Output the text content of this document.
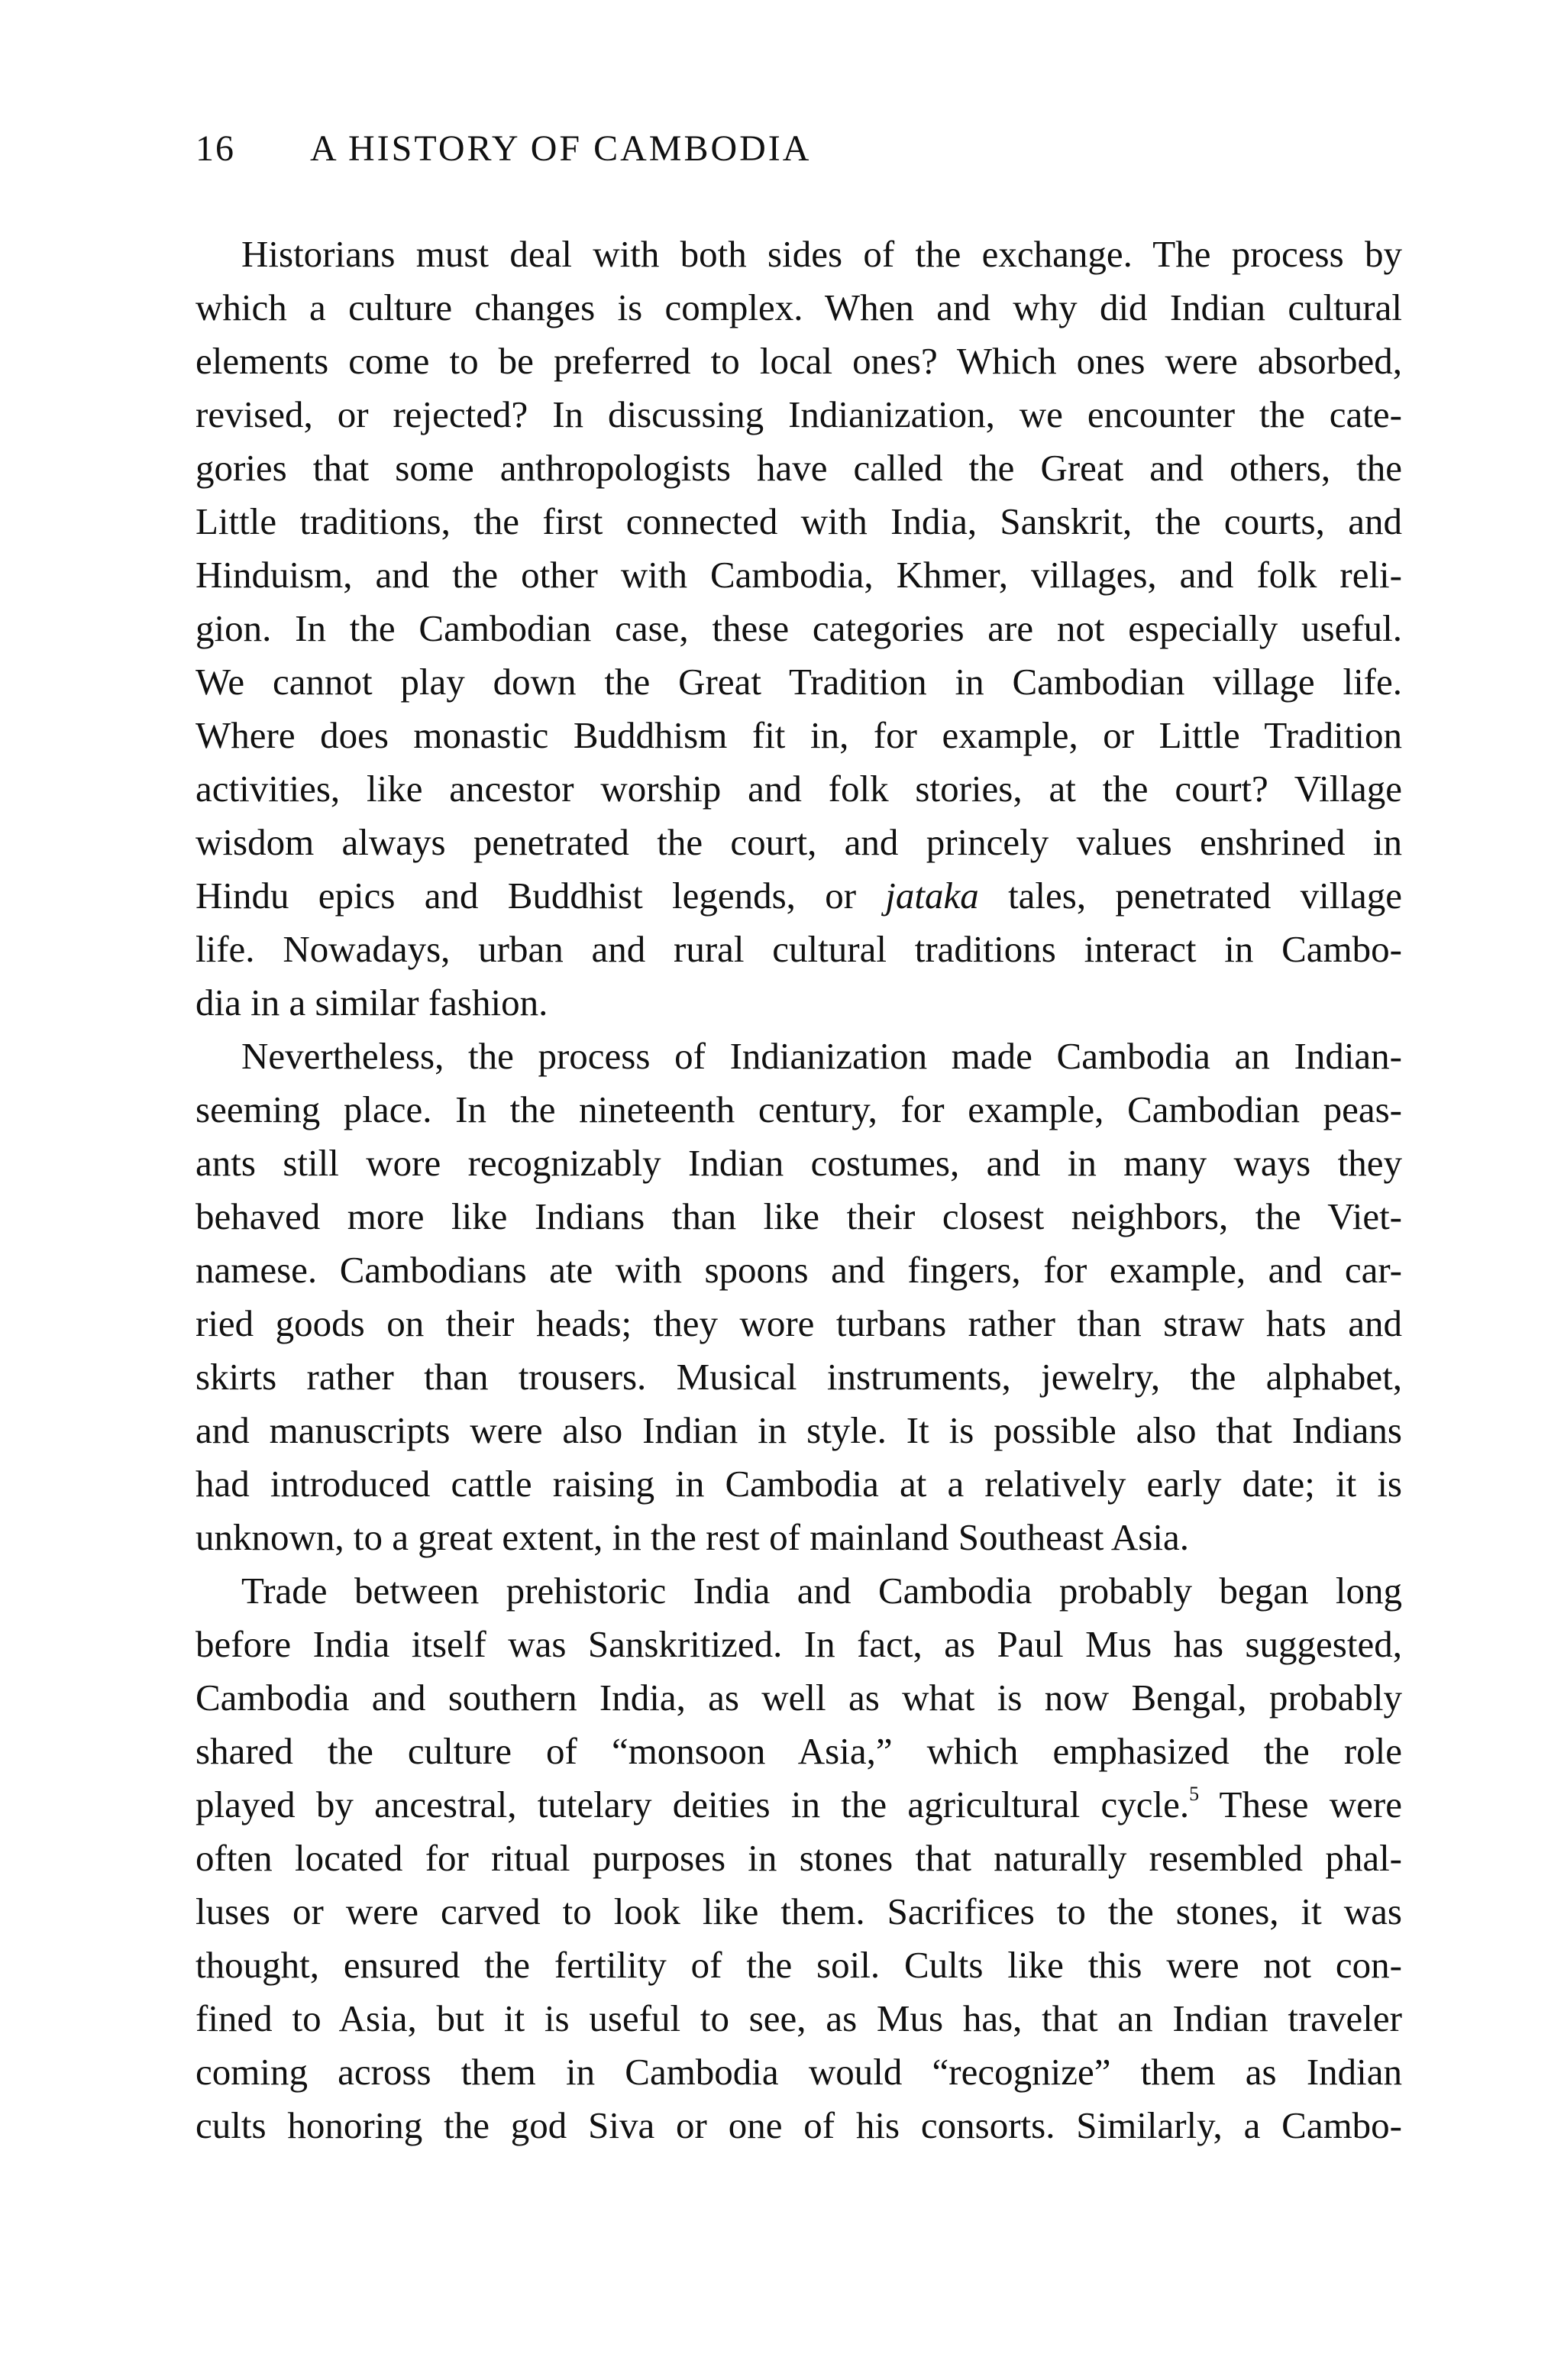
16 A HISTORY OF CAMBODIA

Historians must deal with both sides of the exchange. The process by
which a culture changes is complex. When and why did Indian cultural
elements come to be preferred to local ones? Which ones were absorbed,
revised, or rejected? In discussing Indianization, we encounter the cate-
gories that some anthropologists have called the Great and others, the
Little traditions, the first connected with India, Sanskrit, the courts, and
Hinduism, and the other with Cambodia, Khmer, villages, and folk reli-
gion. In the Cambodian case, these categories are not especially useful.
We cannot play down the Great Tradition in Cambodian village life.
Where does monastic Buddhism fit in, for example, or Little Tradition
activities, like ancestor worship and folk stories, at the court? Village
wisdom always penetrated the court, and princely values enshrined in
Hindu epics and Buddhist legends, or jataka tales, penetrated village
life. Nowadays, urban and rural cultural traditions interact in Cambo-
dia in a similar fashion.

Nevertheless, the process of Indianization made Cambodia an Indian-
seeming place. In the nineteenth century, for example, Cambodian peas-
ants still wore recognizably Indian costumes, and in many ways they
behaved more like Indians than like their closest neighbors, the Viet-
namese. Cambodians ate with spoons and fingers, for example, and car-
ried goods on their heads; they wore turbans rather than straw hats and
skirts rather than trousers. Musical instruments, jewelry, the alphabet,
and manuscripts were also Indian in style. It is possible also that Indians
had introduced cattle raising in Cambodia at a relatively early date; it is
unknown, to a great extent, in the rest of mainland Southeast Asia.

Trade between prehistoric India and Cambodia probably began long
before India itself was Sanskritized. In fact, as Paul Mus has suggested,
Cambodia and southern India, as well as what is now Bengal, probably
shared the culture of “monsoon Asia,” which emphasized the role
played by ancestral, tutelary deities in the agricultural cycle.$^5$ These were
often located for ritual purposes in stones that naturally resembled phal-
luses or were carved to look like them. Sacrifices to the stones, it was
thought, ensured the fertility of the soil. Cults like this were not con-
fined to Asia, but it is useful to see, as Mus has, that an Indian traveler
coming across them in Cambodia would “recognize” them as Indian
cults honoring the god Siva or one of his consorts. Similarly, a Cambo-
